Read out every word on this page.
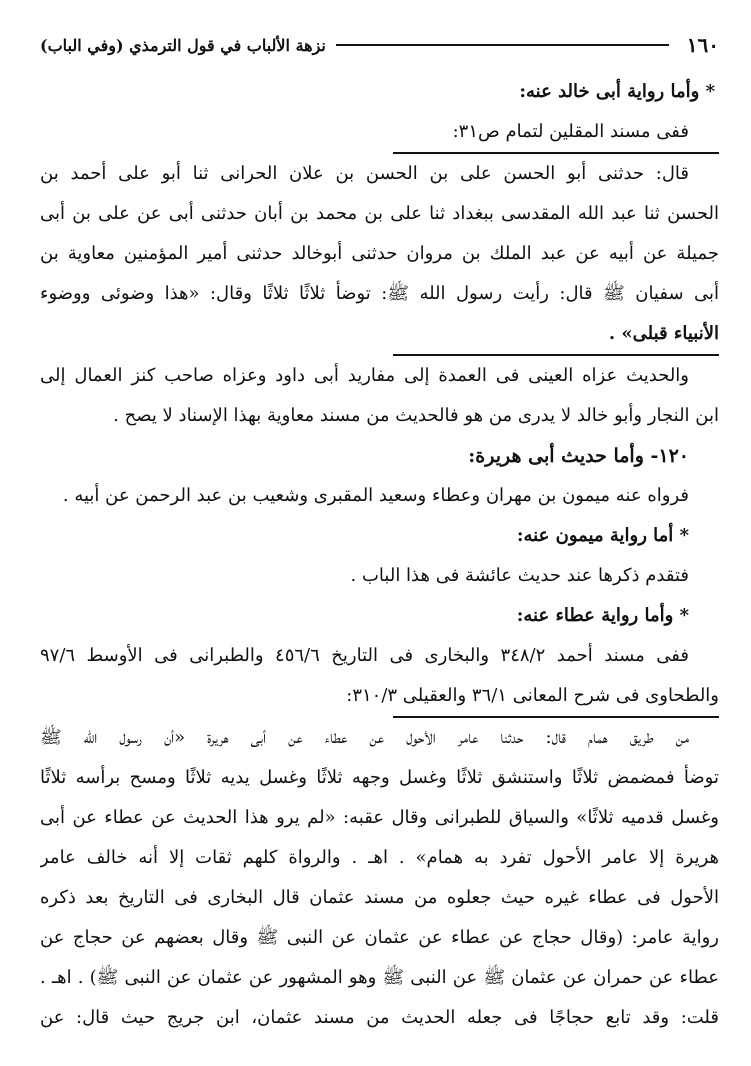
١٦٠
نزهة الألباب في قول الترمذي (وفي الباب)
* وأما رواية أبى خالد عنه:
ففى مسند المقلين لتمام ص٣١:
قال: حدثنى أبو الحسن على بن الحسن بن علان الحرانى ثنا أبو على أحمد بن
الحسن ثنا عبد الله المقدسى ببغداد ثنا على بن محمد بن أبان حدثنى أبى عن على بن أبى
جميلة عن أبيه عن عبد الملك بن مروان حدثنى أبوخالد حدثنى أمير المؤمنين معاوية بن
أبى سفيان ﷺ قال: رأيت رسول الله ﷺ: توضأ ثلاثًا ثلاثًا وقال: «هذا وضوئى ووضوء
الأنبياء قبلى» .
والحديث عزاه العينى فى العمدة إلى مفاريد أبى داود وعزاه صاحب كنز العمال إلى
ابن النجار وأبو خالد لا يدرى من هو فالحديث من مسند معاوية بهذا الإسناد لا يصح .
١٢٠- وأما حديث أبى هريرة:
فرواه عنه ميمون بن مهران وعطاء وسعيد المقبرى وشعيب بن عبد الرحمن عن أبيه .
* أما رواية ميمون عنه:
فتقدم ذكرها عند حديث عائشة فى هذا الباب .
* وأما رواية عطاء عنه:
ففى مسند أحمد ٣٤٨/٢ والبخارى فى التاريخ ٤٥٦/٦ والطبرانى فى الأوسط ٩٧/٦
والطحاوى فى شرح المعانى ٣٦/١ والعقيلى ٣١٠/٣:
من طريق همام قال: حدثنا عامر الأحول عن عطاء عن أبى هريرة «أن رسول الله ﷺ
توضأ فمضمض ثلاثًا واستنشق ثلاثًا وغسل وجهه ثلاثًا وغسل يديه ثلاثًا ومسح برأسه ثلاثًا
وغسل قدميه ثلاثًا» والسياق للطبرانى وقال عقبه: «لم يرو هذا الحديث عن عطاء عن أبى
هريرة إلا عامر الأحول تفرد به همام» . اهـ . والرواة كلهم ثقات إلا أنه خالف عامر
الأحول فى عطاء غيره حيث جعلوه من مسند عثمان قال البخارى فى التاريخ بعد ذكره
رواية عامر: (وقال حجاج عن عطاء عن عثمان عن النبى ﷺ وقال بعضهم عن حجاج عن
عطاء عن حمران عن عثمان ﷺ عن النبى ﷺ وهو المشهور عن عثمان عن النبى ﷺ) . اهـ .
قلت: وقد تابع حجاجًا فى جعله الحديث من مسند عثمان، ابن جريج حيث قال: عن
